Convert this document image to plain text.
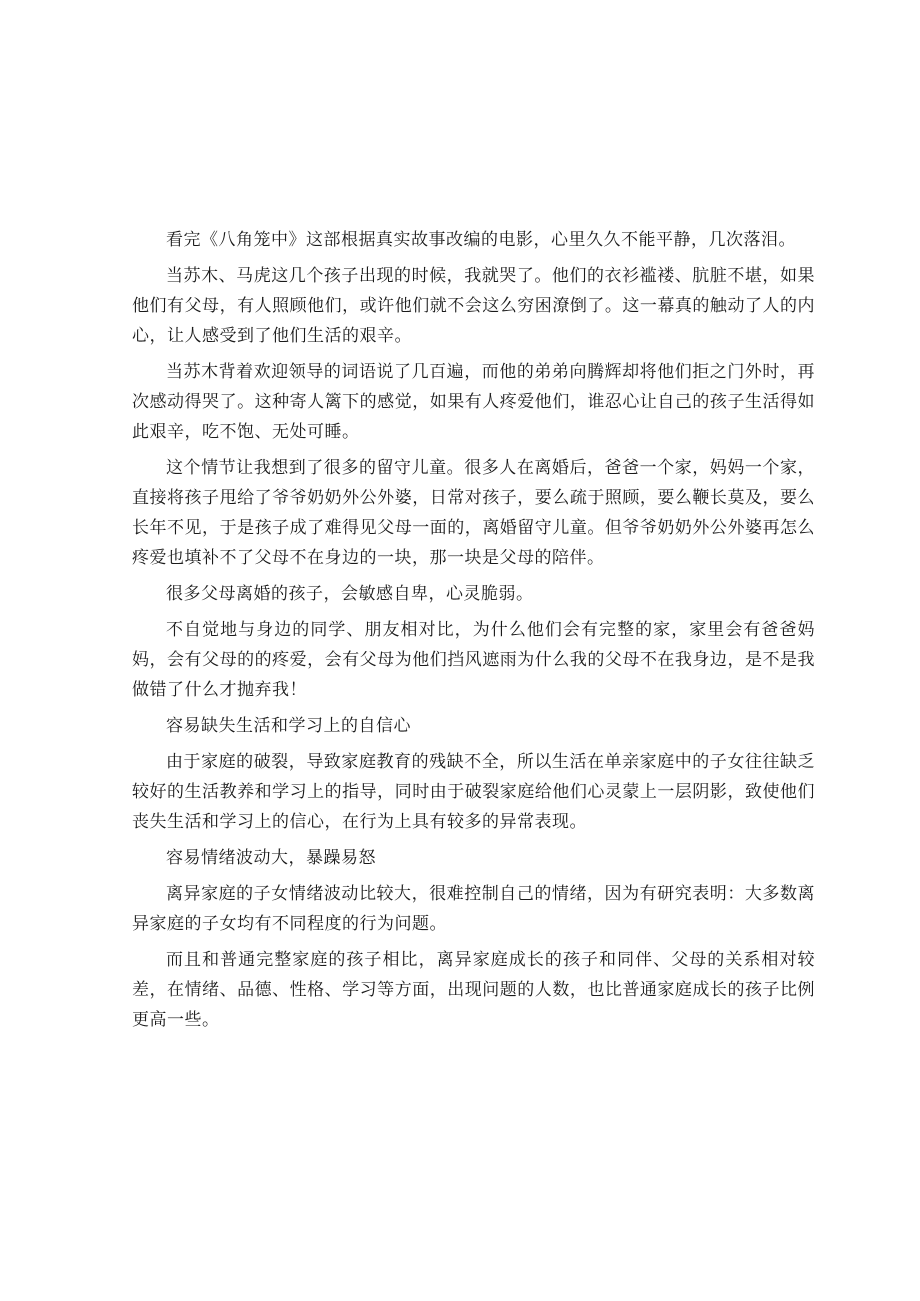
看完《八角笼中》这部根据真实故事改编的电影，心里久久不能平静，几次落泪。

当苏木、马虎这几个孩子出现的时候，我就哭了。他们的衣衫褴褛、肮脏不堪，如果他们有父母，有人照顾他们，或许他们就不会这么穷困潦倒了。这一幕真的触动了人的内心，让人感受到了他们生活的艰辛。

当苏木背着欢迎领导的词语说了几百遍，而他的弟弟向腾辉却将他们拒之门外时，再次感动得哭了。这种寄人篱下的感觉，如果有人疼爱他们，谁忍心让自己的孩子生活得如此艰辛，吃不饱、无处可睡。

这个情节让我想到了很多的留守儿童。很多人在离婚后，爸爸一个家，妈妈一个家，直接将孩子甩给了爷爷奶奶外公外婆，日常对孩子，要么疏于照顾，要么鞭长莫及，要么长年不见，于是孩子成了难得见父母一面的，离婚留守儿童。但爷爷奶奶外公外婆再怎么疼爱也填补不了父母不在身边的一块，那一块是父母的陪伴。

很多父母离婚的孩子，会敏感自卑，心灵脆弱。

不自觉地与身边的同学、朋友相对比，为什么他们会有完整的家，家里会有爸爸妈妈，会有父母的的疼爱，会有父母为他们挡风遮雨为什么我的父母不在我身边，是不是我做错了什么才抛弃我！

容易缺失生活和学习上的自信心

由于家庭的破裂，导致家庭教育的残缺不全，所以生活在单亲家庭中的子女往往缺乏较好的生活教养和学习上的指导，同时由于破裂家庭给他们心灵蒙上一层阴影，致使他们丧失生活和学习上的信心，在行为上具有较多的异常表现。

容易情绪波动大，暴躁易怒

离异家庭的子女情绪波动比较大，很难控制自己的情绪，因为有研究表明：大多数离异家庭的子女均有不同程度的行为问题。

而且和普通完整家庭的孩子相比，离异家庭成长的孩子和同伴、父母的关系相对较差，在情绪、品德、性格、学习等方面，出现问题的人数，也比普通家庭成长的孩子比例更高一些。
